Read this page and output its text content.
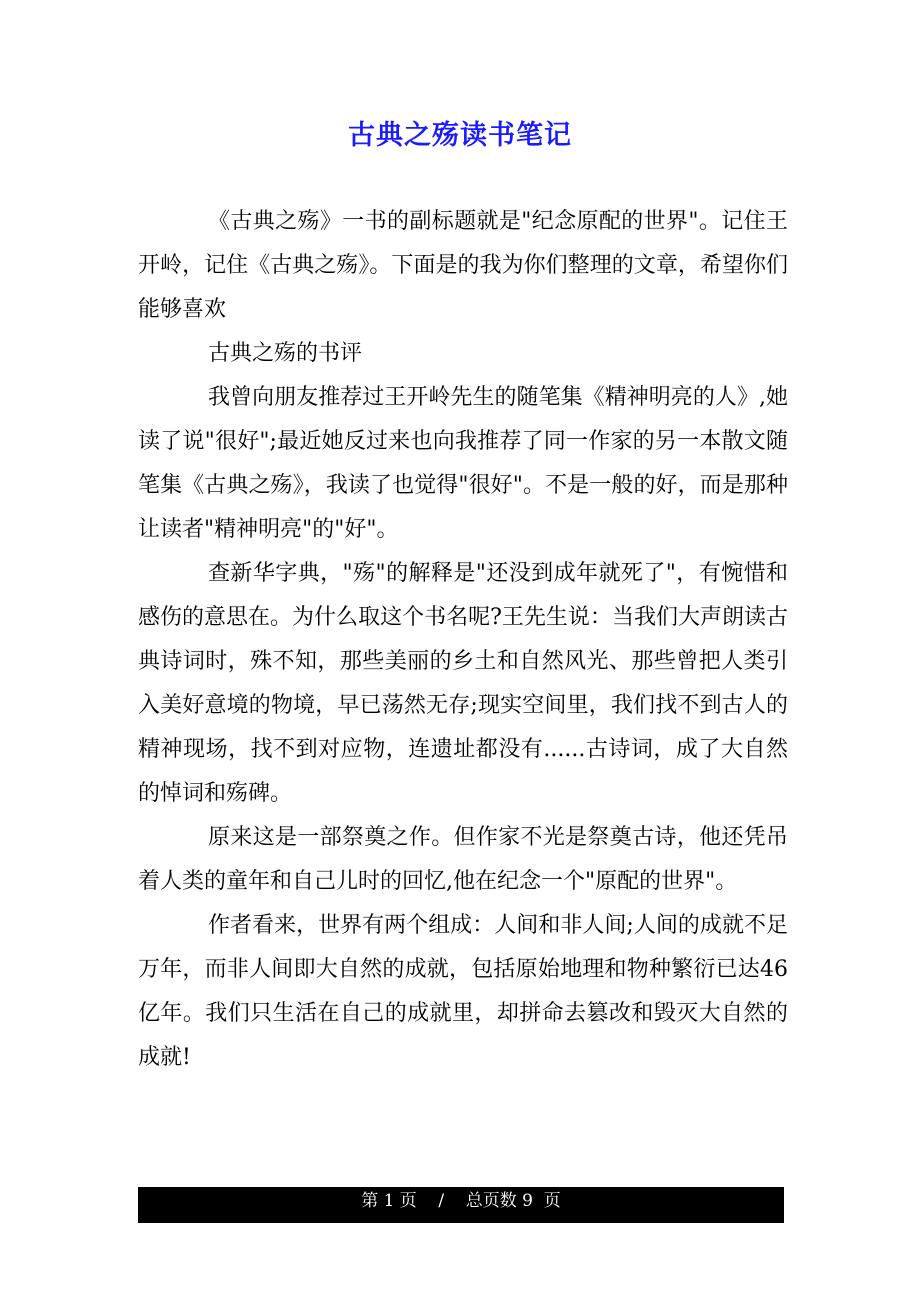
古典之殇读书笔记

《古典之殇》一书的副标题就是"纪念原配的世界"。记住王开岭，记住《古典之殇》。下面是的我为你们整理的文章，希望你们能够喜欢

古典之殇的书评

我曾向朋友推荐过王开岭先生的随笔集《精神明亮的人》,她读了说"很好";最近她反过来也向我推荐了同一作家的另一本散文随笔集《古典之殇》，我读了也觉得"很好"。不是一般的好，而是那种让读者"精神明亮"的"好"。

查新华字典，"殇"的解释是"还没到成年就死了"，有惋惜和感伤的意思在。为什么取这个书名呢?王先生说：当我们大声朗读古典诗词时，殊不知，那些美丽的乡土和自然风光、那些曾把人类引入美好意境的物境，早已荡然无存;现实空间里，我们找不到古人的精神现场，找不到对应物，连遗址都没有......古诗词，成了大自然的悼词和殇碑。

原来这是一部祭奠之作。但作家不光是祭奠古诗，他还凭吊着人类的童年和自己儿时的回忆,他在纪念一个"原配的世界"。

作者看来，世界有两个组成：人间和非人间;人间的成就不足万年，而非人间即大自然的成就，包括原始地理和物种繁衍已达46亿年。我们只生活在自己的成就里，却拼命去篡改和毁灭大自然的成就!

第 1 页    /    总页数 9  页
